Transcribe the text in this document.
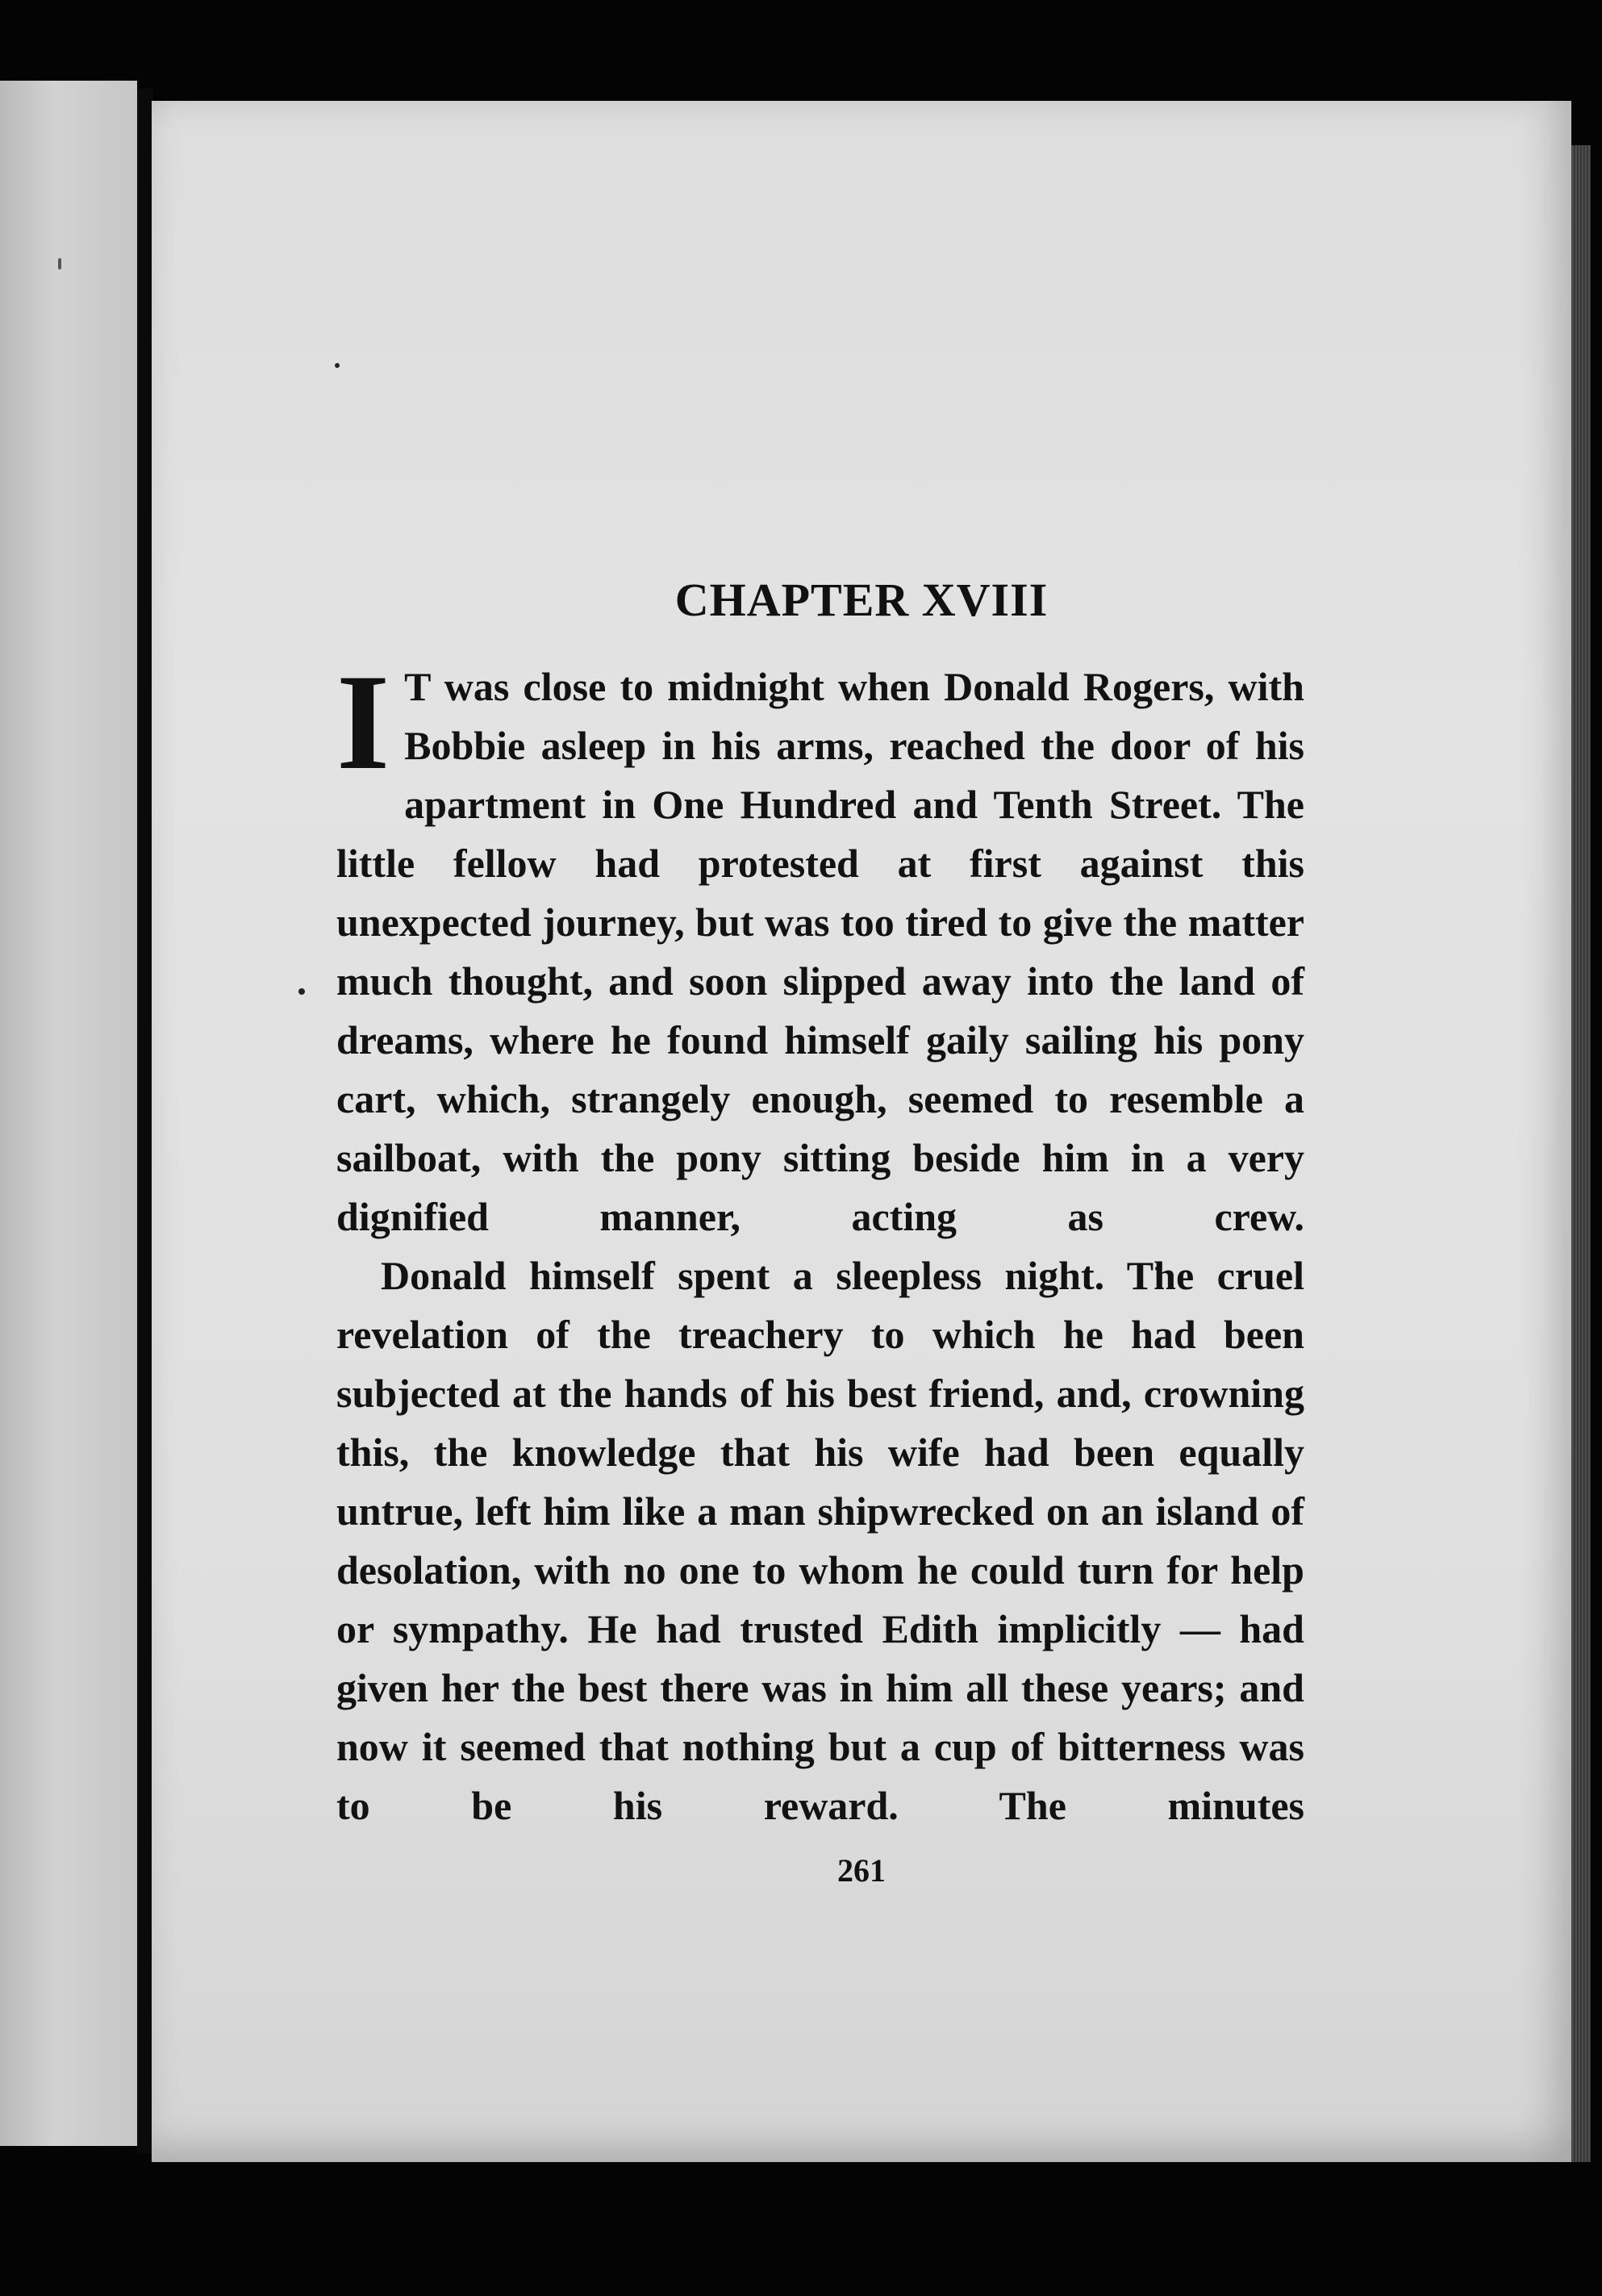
CHAPTER XVIII

I T was close to midnight when Donald Rogers, with Bobbie asleep in his arms, reached the door of his apartment in One Hundred and Tenth Street. The little fellow had protested at first against this unexpected journey, but was too tired to give the matter much thought, and soon slipped away into the land of dreams, where he found himself gaily sailing his pony cart, which, strangely enough, seemed to resemble a sailboat, with the pony sitting beside him in a very dignified manner, acting as crew.

Donald himself spent a sleepless night. The cruel revelation of the treachery to which he had been subjected at the hands of his best friend, and, crowning this, the knowledge that his wife had been equally untrue, left him like a man shipwrecked on an island of desolation, with no one to whom he could turn for help or sympathy. He had trusted Edith implicitly — had given her the best there was in him all these years; and now it seemed that nothing but a cup of bitterness was to be his reward. The minutes

261
